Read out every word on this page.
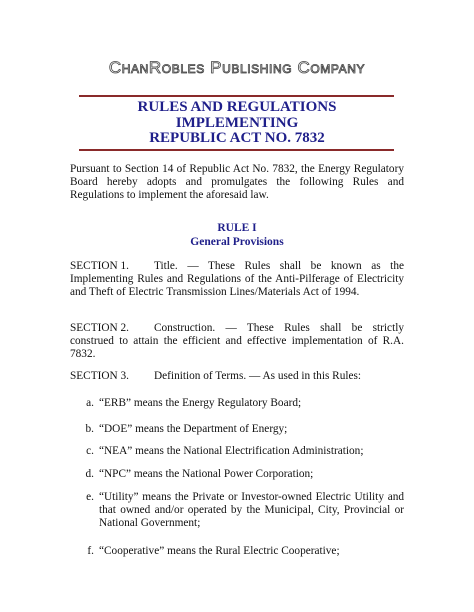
ChanRobles Publishing Company
RULES AND REGULATIONS
IMPLEMENTING
REPUBLIC ACT NO. 7832
Pursuant to Section 14 of Republic Act No. 7832, the Energy Regulatory Board hereby adopts and promulgates the following Rules and Regulations to implement the aforesaid law.
RULE I
General Provisions
SECTION 1. Title. — These Rules shall be known as the Implementing Rules and Regulations of the Anti-Pilferage of Electricity and Theft of Electric Transmission Lines/Materials Act of 1994.
SECTION 2. Construction. — These Rules shall be strictly construed to attain the efficient and effective implementation of R.A. 7832.
SECTION 3. Definition of Terms. — As used in this Rules:
a. “ERB” means the Energy Regulatory Board;
b. “DOE” means the Department of Energy;
c. “NEA” means the National Electrification Administration;
d. “NPC” means the National Power Corporation;
e. “Utility” means the Private or Investor-owned Electric Utility and that owned and/or operated by the Municipal, City, Provincial or National Government;
f. “Cooperative” means the Rural Electric Cooperative;
